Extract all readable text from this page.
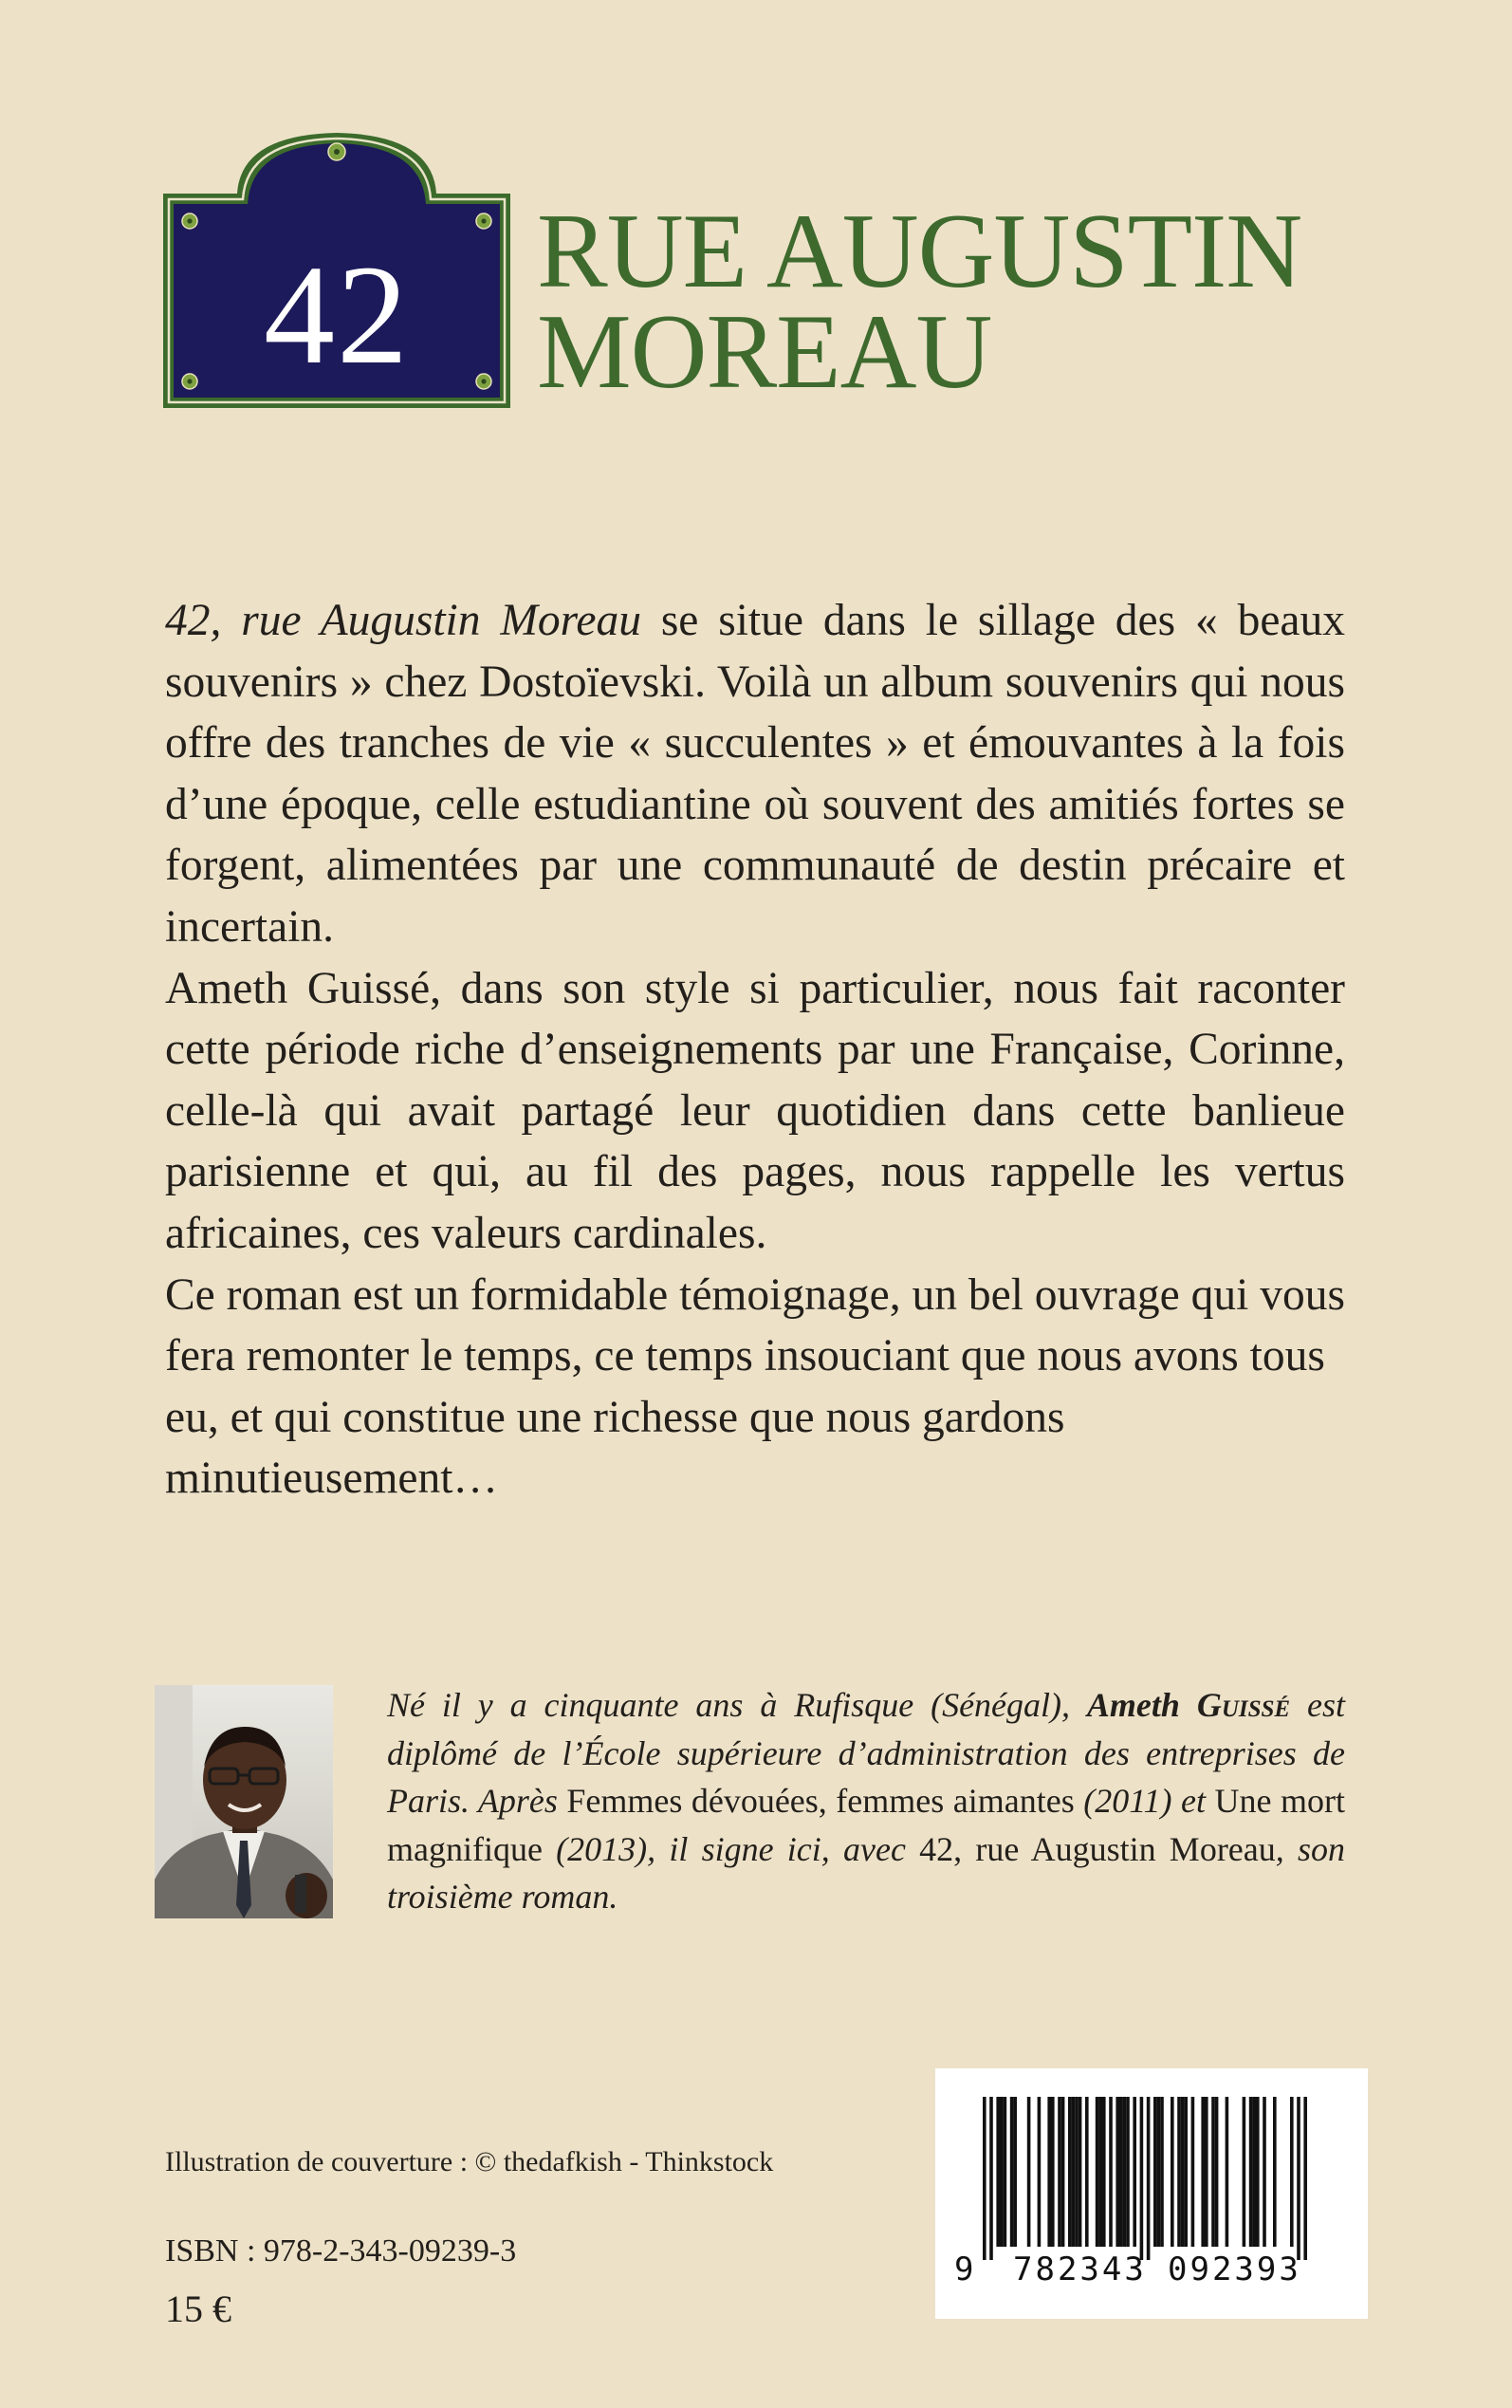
42	RUE AUGUSTIN
MOREAU

42, rue Augustin Moreau se situe dans le sillage des « beaux souvenirs » chez Dostoïevski. Voilà un album souvenirs qui nous offre des tranches de vie « succulentes » et émouvantes à la fois d’une époque, celle estudiantine où souvent des amitiés fortes se forgent, alimentées par une communauté de destin précaire et incertain.

Ameth Guissé, dans son style si particulier, nous fait raconter cette période riche d’enseignements par une Française, Corinne, celle-là qui avait partagé leur quotidien dans cette banlieue parisienne et qui, au fil des pages, nous rappelle les vertus africaines, ces valeurs cardinales.

Ce roman est un formidable témoignage, un bel ouvrage qui vous fera remonter le temps, ce temps insouciant que nous avons tous eu, et qui constitue une richesse que nous gardons minutieusement…

Né il y a cinquante ans à Rufisque (Sénégal), Ameth Guissé est diplômé de l’École supérieure d’administration des entreprises de Paris. Après Femmes dévouées, femmes aimantes (2011) et Une mort magnifique (2013), il signe ici, avec 42, rue Augustin Moreau, son troisième roman.
Illustration de couverture : © thedafkish - Thinkstock
ISBN : 978-2-343-09239-3
15 €
9 782343 092393
